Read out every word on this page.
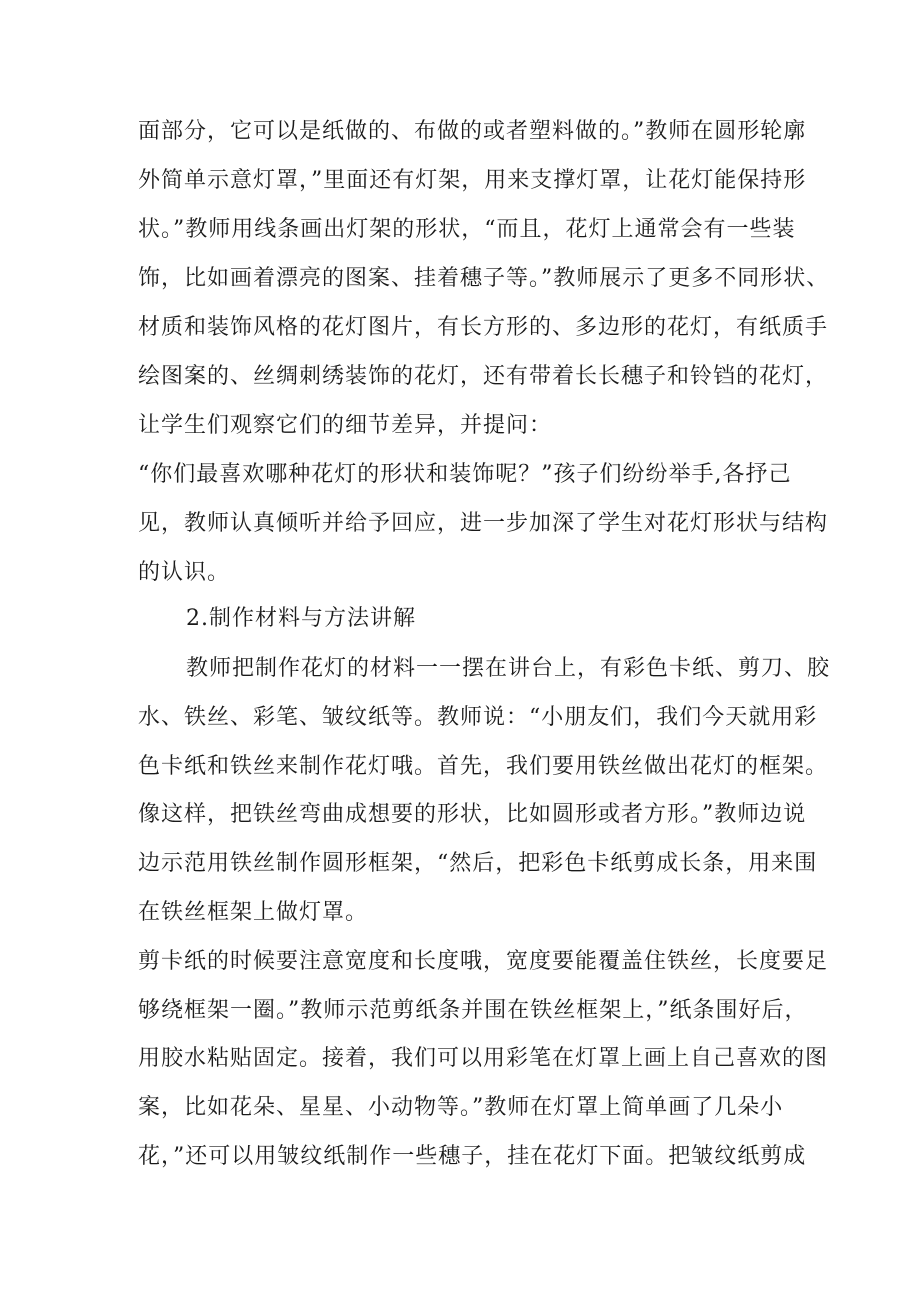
面部分，它可以是纸做的、布做的或者塑料做的。”教师在圆形轮廓
外简单示意灯罩，”里面还有灯架，用来支撑灯罩，让花灯能保持形
状。”教师用线条画出灯架的形状，“而且，花灯上通常会有一些装
饰，比如画着漂亮的图案、挂着穗子等。”教师展示了更多不同形状、
材质和装饰风格的花灯图片，有长方形的、多边形的花灯，有纸质手
绘图案的、丝绸刺绣装饰的花灯，还有带着长长穗子和铃铛的花灯，
让学生们观察它们的细节差异，并提问：
“你们最喜欢哪种花灯的形状和装饰呢？”孩子们纷纷举手,各抒己
见，教师认真倾听并给予回应，进一步加深了学生对花灯形状与结构
的认识。
2.制作材料与方法讲解
教师把制作花灯的材料一一摆在讲台上，有彩色卡纸、剪刀、胶
水、铁丝、彩笔、皱纹纸等。教师说：“小朋友们，我们今天就用彩
色卡纸和铁丝来制作花灯哦。首先，我们要用铁丝做出花灯的框架。
像这样，把铁丝弯曲成想要的形状，比如圆形或者方形。”教师边说
边示范用铁丝制作圆形框架，“然后，把彩色卡纸剪成长条，用来围
在铁丝框架上做灯罩。
剪卡纸的时候要注意宽度和长度哦，宽度要能覆盖住铁丝，长度要足
够绕框架一圈。”教师示范剪纸条并围在铁丝框架上，”纸条围好后，
用胶水粘贴固定。接着，我们可以用彩笔在灯罩上画上自己喜欢的图
案，比如花朵、星星、小动物等。”教师在灯罩上简单画了几朵小
花，”还可以用皱纹纸制作一些穗子，挂在花灯下面。把皱纹纸剪成
